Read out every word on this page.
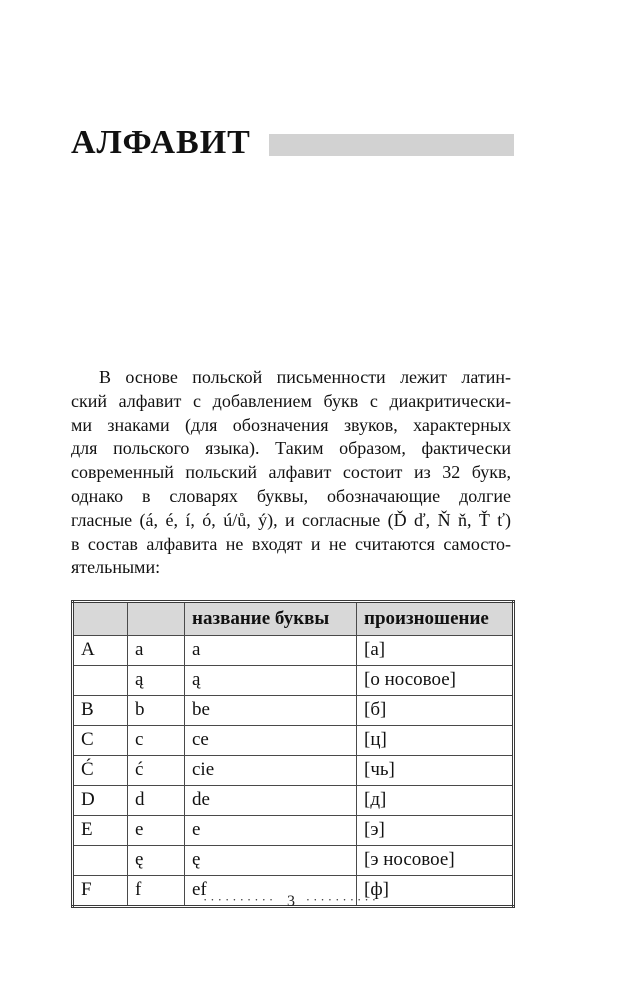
АЛФАВИТ
В основе польской письменности лежит латин-
ский алфавит с добавлением букв с диакритически-
ми знаками (для обозначения звуков, характерных
для польского языка). Таким образом, фактически
современный польский алфавит состоит из 32 букв,
однако в словарях буквы, обозначающие долгие
гласные (á, é, í, ó, ú/ů, ý), и согласные (Ď ď, Ň ň, Ť ť)
в состав алфавита не входят и не считаются самосто-
ятельными:
		название буквы	произношение
A	a	a	[а]
	ą	ą	[о носовое]
B	b	be	[б]
C	c	ce	[ц]
Ć	ć	cie	[чь]
D	d	de	[д]
E	e	e	[э]
	ę	ę	[э носовое]
F	f	ef	[ф]
·········· 3 ··········
